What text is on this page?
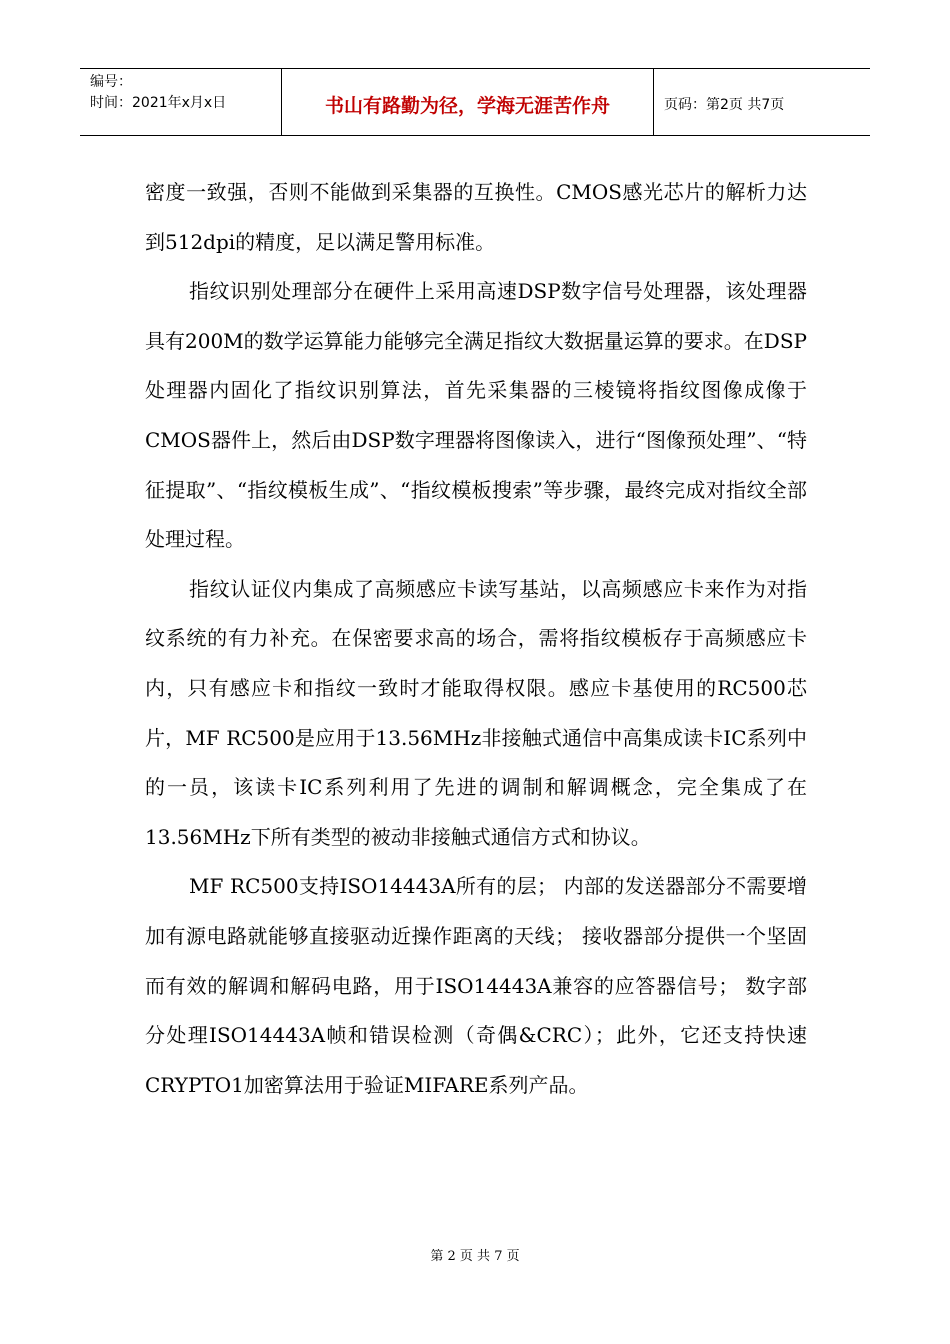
编号：
时间：2021年x月x日	书山有路勤为径，学海无涯苦作舟	页码：第2页 共7页

密度一致强，否则不能做到采集器的互换性。CMOS感光芯片的解析力达到512dpi的精度，足以满足警用标准。

指纹识别处理部分在硬件上采用高速DSP数字信号处理器，该处理器具有200M的数学运算能力能够完全满足指纹大数据量运算的要求。在DSP处理器内固化了指纹识别算法，首先采集器的三棱镜将指纹图像成像于CMOS器件上，然后由DSP数字理器将图像读入，进行“图像预处理”、“特征提取”、“指纹模板生成”、“指纹模板搜索”等步骤，最终完成对指纹全部处理过程。

指纹认证仪内集成了高频感应卡读写基站，以高频感应卡来作为对指纹系统的有力补充。在保密要求高的场合，需将指纹模板存于高频感应卡内，只有感应卡和指纹一致时才能取得权限。感应卡基使用的RC500芯片，MF RC500是应用于13.56MHz非接触式通信中高集成读卡IC系列中的一员，该读卡IC系列利用了先进的调制和解调概念，完全集成了在13.56MHz下所有类型的被动非接触式通信方式和协议。

MF RC500支持ISO14443A所有的层； 内部的发送器部分不需要增加有源电路就能够直接驱动近操作距离的天线； 接收器部分提供一个坚固而有效的解调和解码电路，用于ISO14443A兼容的应答器信号； 数字部分处理ISO14443A帧和错误检测（奇偶&CRC）；此外，它还支持快速CRYPTO1加密算法用于验证MIFARE系列产品。

第 2 页 共 7 页
